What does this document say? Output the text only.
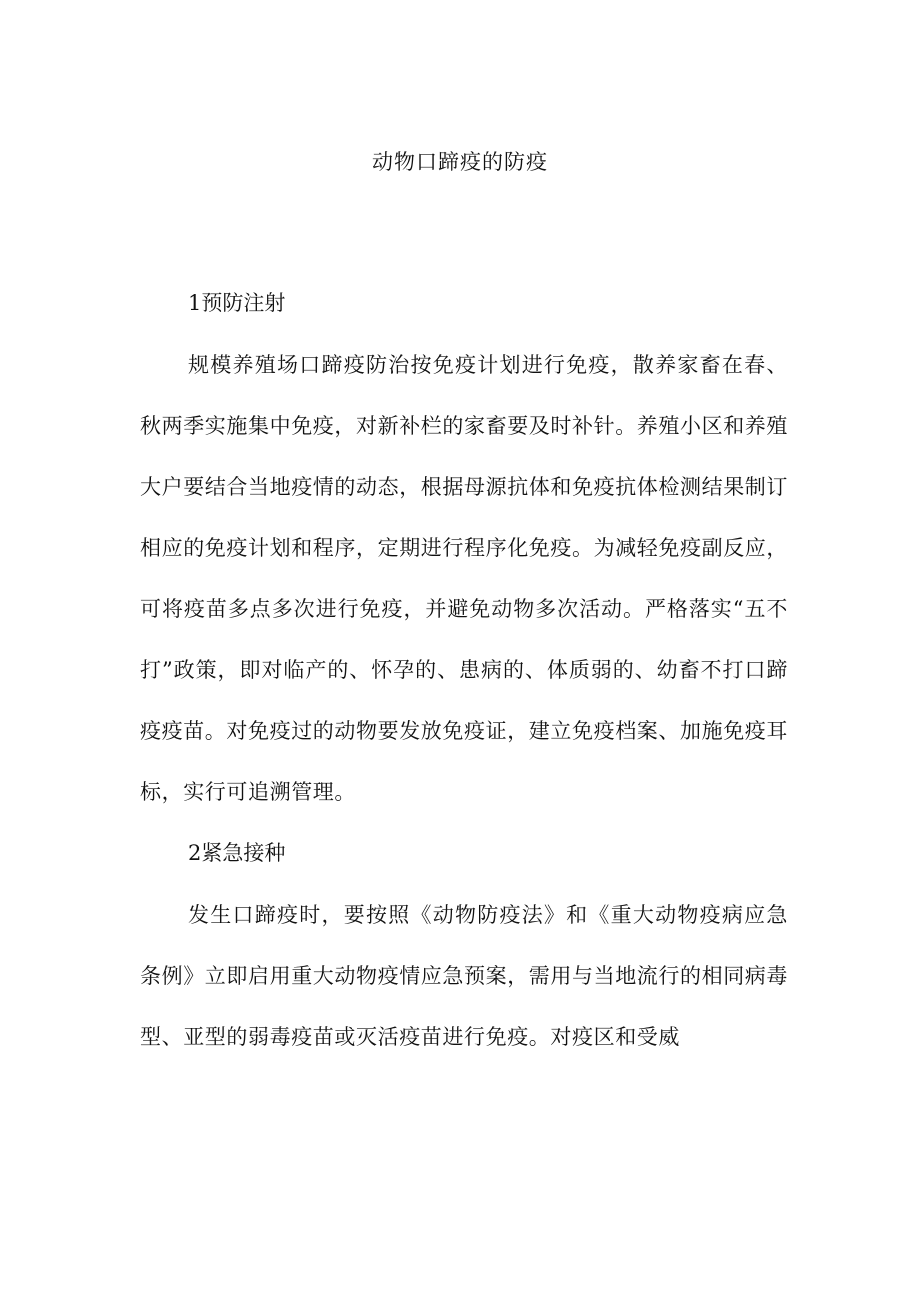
动物口蹄疫的防疫

1预防注射

规模养殖场口蹄疫防治按免疫计划进行免疫，散养家畜在春、秋两季实施集中免疫，对新补栏的家畜要及时补针。养殖小区和养殖大户要结合当地疫情的动态，根据母源抗体和免疫抗体检测结果制订相应的免疫计划和程序，定期进行程序化免疫。为减轻免疫副反应，可将疫苗多点多次进行免疫，并避免动物多次活动。严格落实“五不打”政策，即对临产的、怀孕的、患病的、体质弱的、幼畜不打口蹄疫疫苗。对免疫过的动物要发放免疫证，建立免疫档案、加施免疫耳标，实行可追溯管理。

2紧急接种

发生口蹄疫时，要按照《动物防疫法》和《重大动物疫病应急条例》立即启用重大动物疫情应急预案，需用与当地流行的相同病毒型、亚型的弱毒疫苗或灭活疫苗进行免疫。对疫区和受威
